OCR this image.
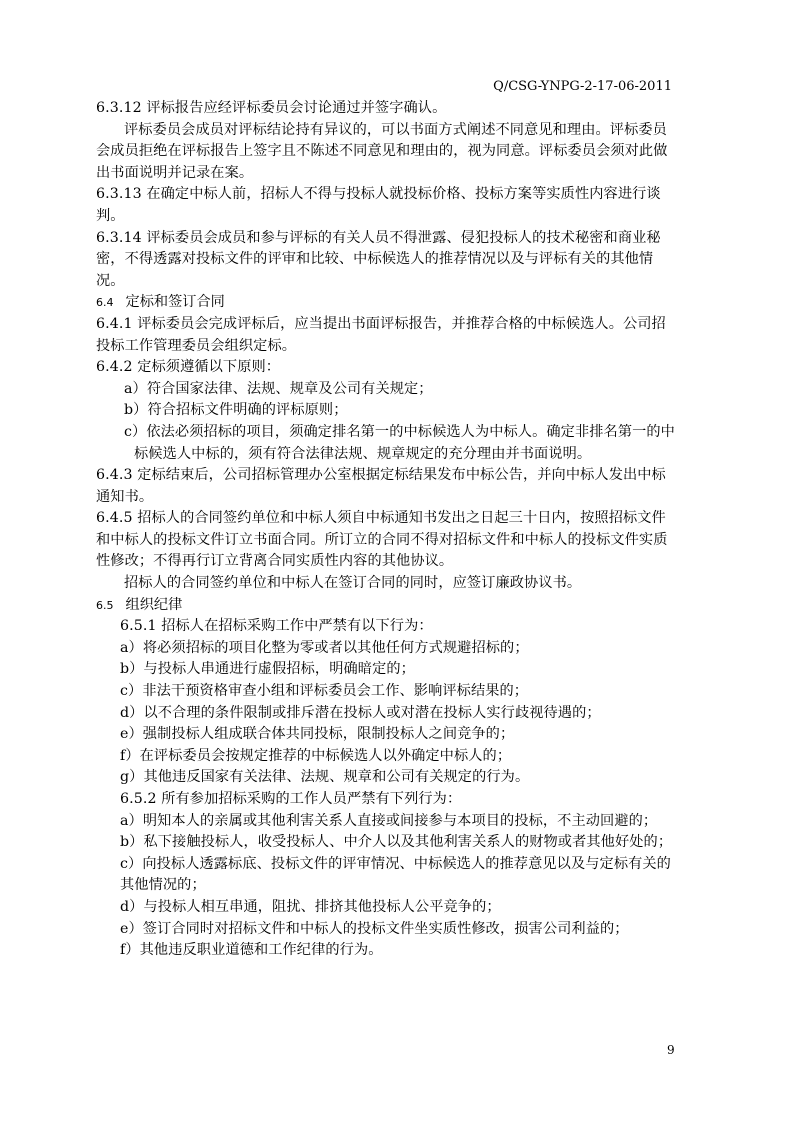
Q/CSG-YNPG-2-17-06-2011

6.3.12 评标报告应经评标委员会讨论通过并签字确认。

评标委员会成员对评标结论持有异议的，可以书面方式阐述不同意见和理由。评标委员会成员拒绝在评标报告上签字且不陈述不同意见和理由的，视为同意。评标委员会须对此做出书面说明并记录在案。

6.3.13 在确定中标人前，招标人不得与投标人就投标价格、投标方案等实质性内容进行谈判。

6.3.14 评标委员会成员和参与评标的有关人员不得泄露、侵犯投标人的技术秘密和商业秘密，不得透露对投标文件的评审和比较、中标候选人的推荐情况以及与评标有关的其他情况。

6.4 定标和签订合同

6.4.1 评标委员会完成评标后，应当提出书面评标报告，并推荐合格的中标候选人。公司招投标工作管理委员会组织定标。

6.4.2 定标须遵循以下原则：

a）符合国家法律、法规、规章及公司有关规定；

b）符合招标文件明确的评标原则；

c）依法必须招标的项目，须确定排名第一的中标候选人为中标人。确定非排名第一的中标候选人中标的，须有符合法律法规、规章规定的充分理由并书面说明。

6.4.3 定标结束后，公司招标管理办公室根据定标结果发布中标公告，并向中标人发出中标通知书。

6.4.5 招标人的合同签约单位和中标人须自中标通知书发出之日起三十日内，按照招标文件和中标人的投标文件订立书面合同。所订立的合同不得对招标文件和中标人的投标文件实质性修改；不得再行订立背离合同实质性内容的其他协议。

招标人的合同签约单位和中标人在签订合同的同时，应签订廉政协议书。

6.5 组织纪律

6.5.1 招标人在招标采购工作中严禁有以下行为：

a）将必须招标的项目化整为零或者以其他任何方式规避招标的；

b）与投标人串通进行虚假招标，明确暗定的；

c）非法干预资格审查小组和评标委员会工作、影响评标结果的；

d）以不合理的条件限制或排斥潜在投标人或对潜在投标人实行歧视待遇的；

e）强制投标人组成联合体共同投标，限制投标人之间竞争的；

f）在评标委员会按规定推荐的中标候选人以外确定中标人的；

g）其他违反国家有关法律、法规、规章和公司有关规定的行为。

6.5.2 所有参加招标采购的工作人员严禁有下列行为：

a）明知本人的亲属或其他利害关系人直接或间接参与本项目的投标，不主动回避的；

b）私下接触投标人，收受投标人、中介人以及其他利害关系人的财物或者其他好处的；

c）向投标人透露标底、投标文件的评审情况、中标候选人的推荐意见以及与定标有关的其他情况的；

d）与投标人相互串通，阻扰、排挤其他投标人公平竞争的；

e）签订合同时对招标文件和中标人的投标文件坐实质性修改，损害公司利益的；

f）其他违反职业道德和工作纪律的行为。

9
